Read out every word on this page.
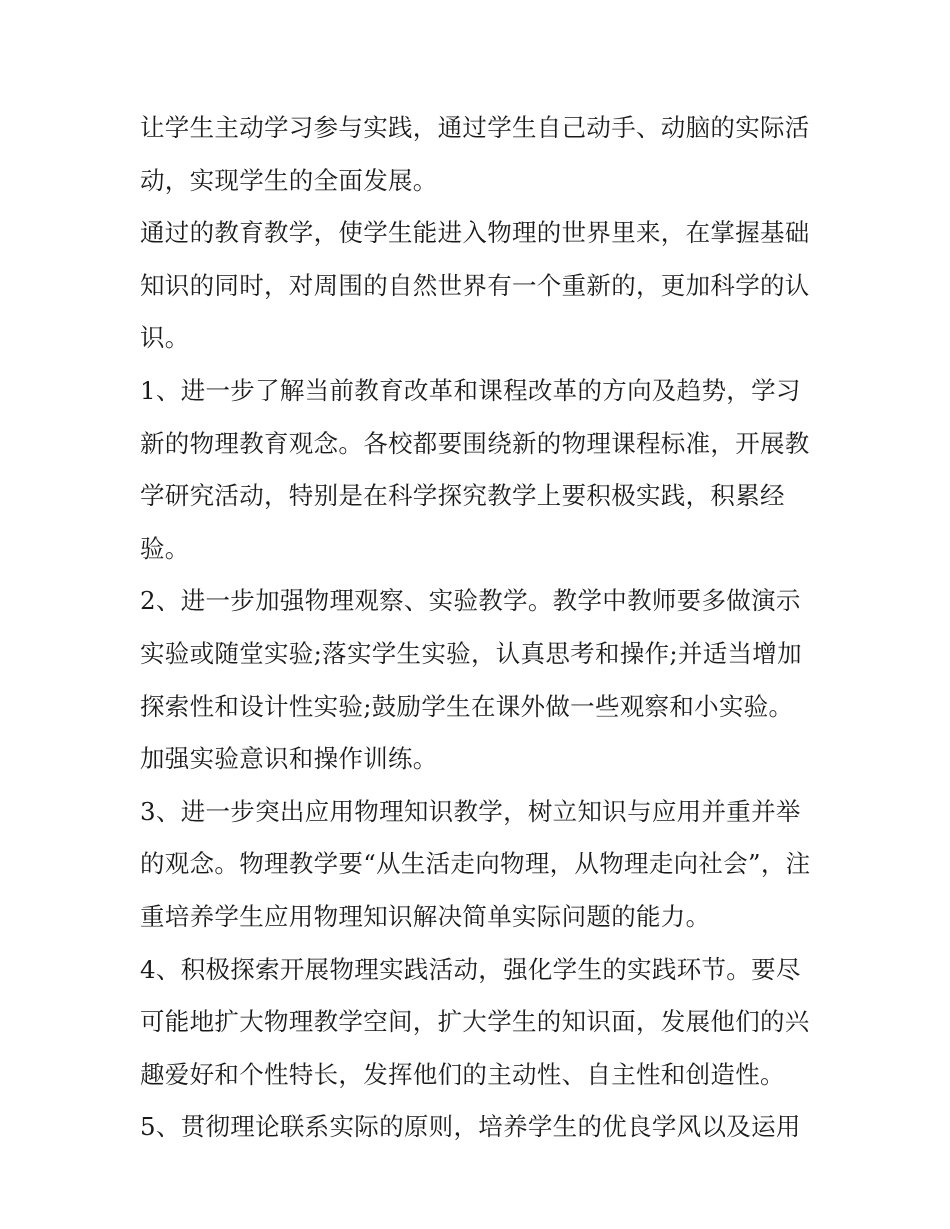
让学生主动学习参与实践，通过学生自己动手、动脑的实际活
动，实现学生的全面发展。
通过的教育教学，使学生能进入物理的世界里来，在掌握基础
知识的同时，对周围的自然世界有一个重新的，更加科学的认
识。
1、进一步了解当前教育改革和课程改革的方向及趋势，学习
新的物理教育观念。各校都要围绕新的物理课程标准，开展教
学研究活动，特别是在科学探究教学上要积极实践，积累经
验。
2、进一步加强物理观察、实验教学。教学中教师要多做演示
实验或随堂实验;落实学生实验，认真思考和操作;并适当增加
探索性和设计性实验;鼓励学生在课外做一些观察和小实验。
加强实验意识和操作训练。
3、进一步突出应用物理知识教学，树立知识与应用并重并举
的观念。物理教学要“从生活走向物理，从物理走向社会”，注
重培养学生应用物理知识解决简单实际问题的能力。
4、积极探索开展物理实践活动，强化学生的实践环节。要尽
可能地扩大物理教学空间，扩大学生的知识面，发展他们的兴
趣爱好和个性特长，发挥他们的主动性、自主性和创造性。
5、贯彻理论联系实际的原则，培养学生的优良学风以及运用
